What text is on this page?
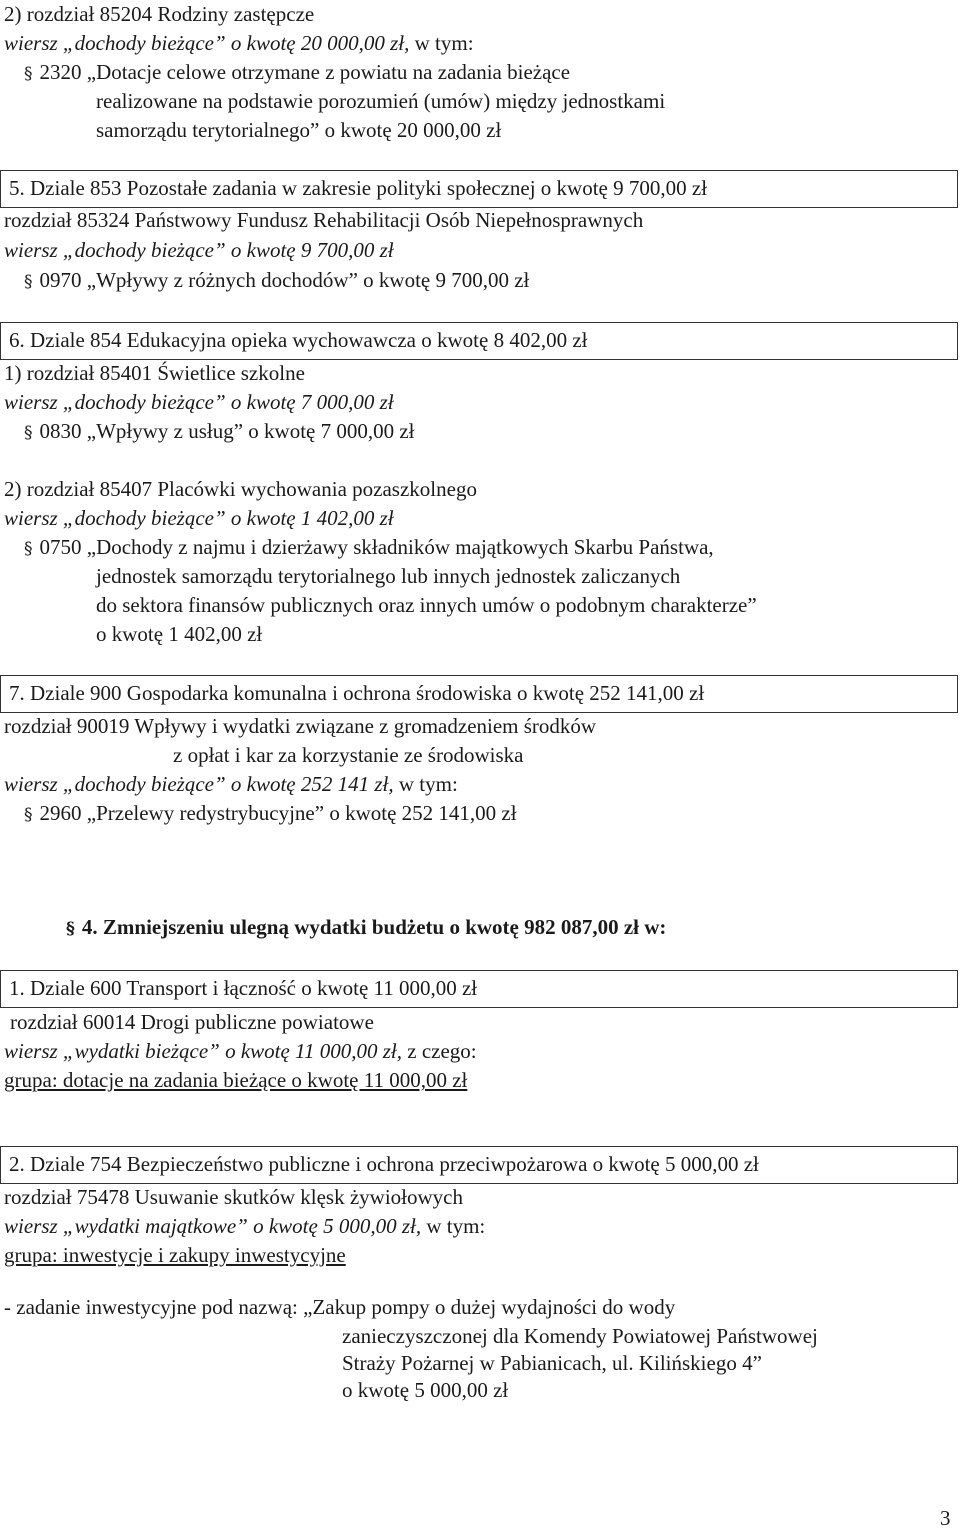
2) rozdział 85204 Rodziny zastępcze
wiersz „dochody bieżące” o kwotę 20 000,00 zł, w tym:
§ 2320 „Dotacje celowe otrzymane z powiatu na zadania bieżące
realizowane na podstawie porozumień (umów) między jednostkami
samorządu terytorialnego” o kwotę 20 000,00 zł
5. Dziale 853 Pozostałe zadania w zakresie polityki społecznej o kwotę 9 700,00 zł
rozdział 85324 Państwowy Fundusz Rehabilitacji Osób Niepełnosprawnych
wiersz „dochody bieżące” o kwotę 9 700,00 zł
§ 0970 „Wpływy z różnych dochodów” o kwotę 9 700,00 zł
6. Dziale 854 Edukacyjna opieka wychowawcza o kwotę 8 402,00 zł
1) rozdział 85401 Świetlice szkolne
wiersz „dochody bieżące” o kwotę 7 000,00 zł
§ 0830 „Wpływy z usług” o kwotę 7 000,00 zł
2) rozdział 85407 Placówki wychowania pozaszkolnego
wiersz „dochody bieżące” o kwotę 1 402,00 zł
§ 0750 „Dochody z najmu i dzierżawy składników majątkowych Skarbu Państwa,
jednostek samorządu terytorialnego lub innych jednostek zaliczanych
do sektora finansów publicznych oraz innych umów o podobnym charakterze”
o kwotę 1 402,00 zł
7. Dziale 900 Gospodarka komunalna i ochrona środowiska o kwotę 252 141,00 zł
rozdział 90019 Wpływy i wydatki związane z gromadzeniem środków
z opłat i kar za korzystanie ze środowiska
wiersz „dochody bieżące” o kwotę 252 141 zł, w tym:
§ 2960 „Przelewy redystrybucyjne” o kwotę 252 141,00 zł
§ 4. Zmniejszeniu ulegną wydatki budżetu o kwotę 982 087,00 zł w:
1. Dziale 600 Transport i łączność o kwotę 11 000,00 zł
rozdział 60014 Drogi publiczne powiatowe
wiersz „wydatki bieżące” o kwotę 11 000,00 zł, z czego:
grupa: dotacje na zadania bieżące o kwotę 11 000,00 zł
2. Dziale 754 Bezpieczeństwo publiczne i ochrona przeciwpożarowa o kwotę 5 000,00 zł
rozdział 75478 Usuwanie skutków klęsk żywiołowych
wiersz „wydatki majątkowe” o kwotę 5 000,00 zł, w tym:
grupa: inwestycje i zakupy inwestycyjne
- zadanie inwestycyjne pod nazwą: „Zakup pompy o dużej wydajności do wody
zanieczyszczonej dla Komendy Powiatowej Państwowej
Straży Pożarnej w Pabianicach, ul. Kilińskiego 4”
o kwotę 5 000,00 zł
3
